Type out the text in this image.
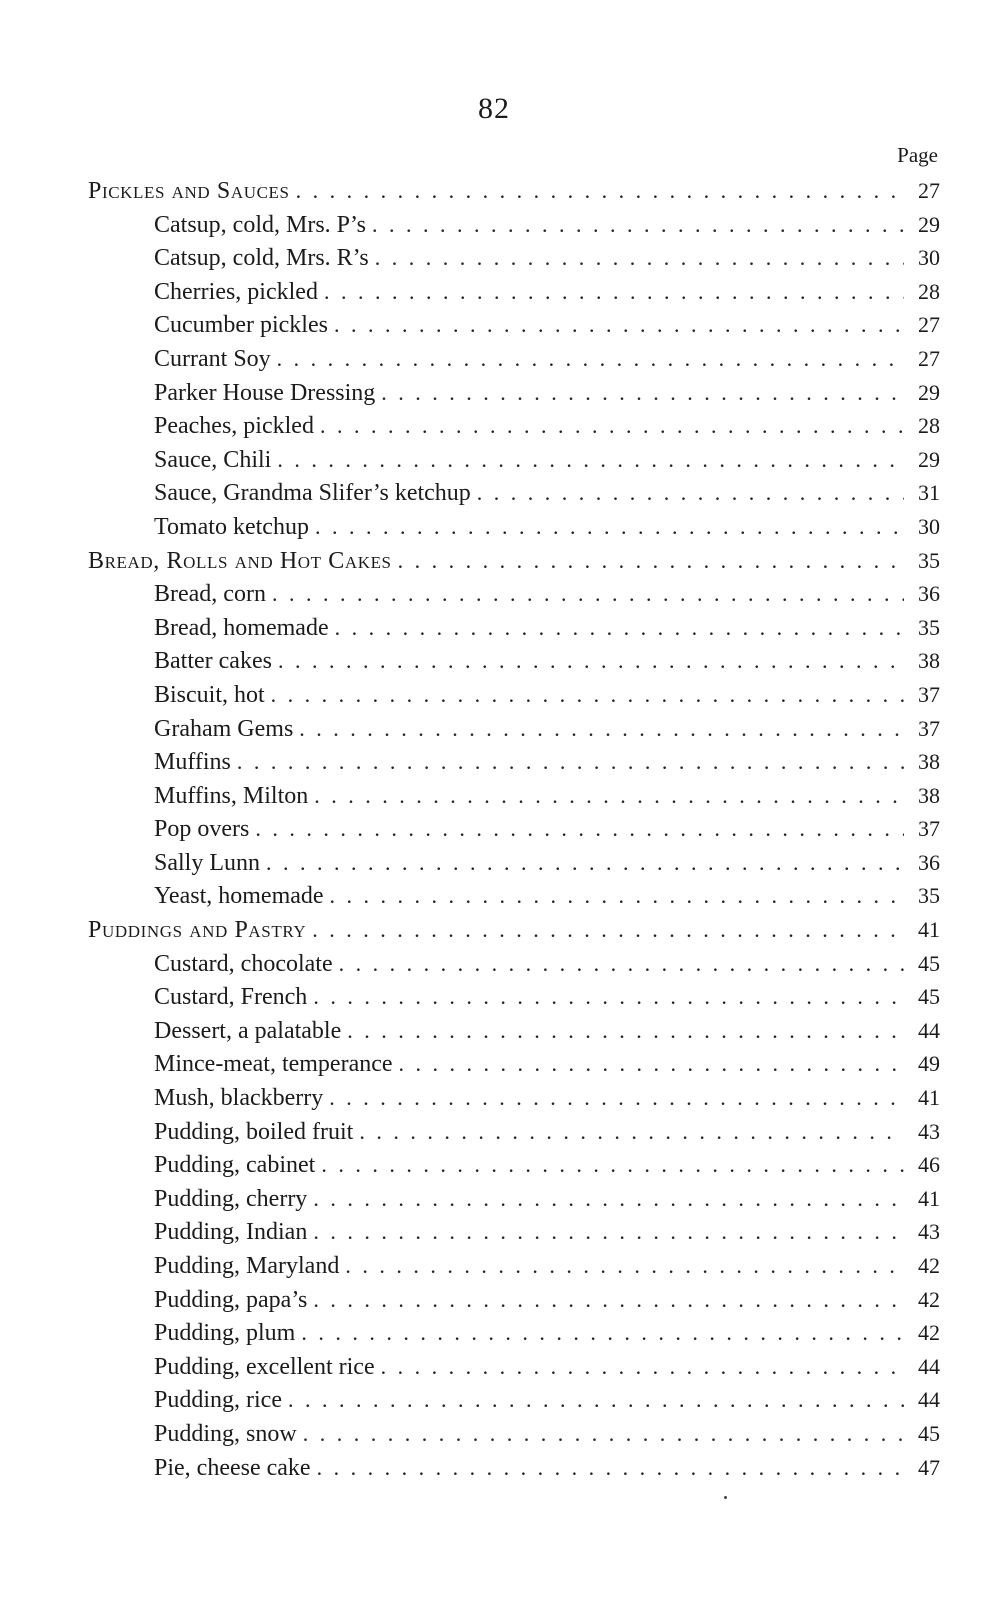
82
Page
Pickles and Sauces . . .	27
Catsup, cold, Mrs. P’s . . .	29
Catsup, cold, Mrs. R’s . . .	30
Cherries, pickled . . .	28
Cucumber pickles . . .	27
Currant Soy . . .	27
Parker House Dressing . . .	29
Peaches, pickled . . .	28
Sauce, Chili . . .	29
Sauce, Grandma Slifer’s ketchup . . .	31
Tomato ketchup . . .	30
Bread, Rolls and Hot Cakes . . .	35
Bread, corn . . .	36
Bread, homemade . . .	35
Batter cakes . . .	38
Biscuit, hot . . .	37
Graham Gems . . .	37
Muffins . . .	38
Muffins, Milton . . .	38
Pop overs . . .	37
Sally Lunn . . .	36
Yeast, homemade . . .	35
Puddings and Pastry . . .	41
Custard, chocolate . . .	45
Custard, French . . .	45
Dessert, a palatable . . .	44
Mince-meat, temperance . . .	49
Mush, blackberry . . .	41
Pudding, boiled fruit . . .	43
Pudding, cabinet . . .	46
Pudding, cherry . . .	41
Pudding, Indian . . .	43
Pudding, Maryland . . .	42
Pudding, papa’s . . .	42
Pudding, plum . . .	42
Pudding, excellent rice . . .	44
Pudding, rice . . .	44
Pudding, snow . . .	45
Pie, cheese cake . . .	47
